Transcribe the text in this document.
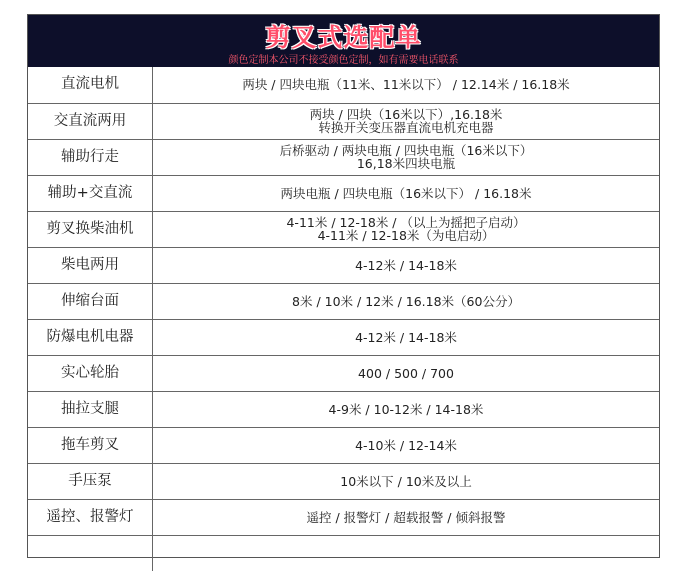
剪叉式选配单
颜色定制本公司不接受颜色定制，如有需要电话联系
直流电机	两块 / 四块电瓶（11米、11米以下） / 12.14米 / 16.18米

交直流两用	两块 / 四块（16米以下）,16.18米
转换开关变压器直流电机充电器

辅助行走	后桥驱动 / 两块电瓶 / 四块电瓶（16米以下）
16,18米四块电瓶

辅助+交直流	两块电瓶 / 四块电瓶（16米以下） / 16.18米

剪叉换柴油机	4-11米 / 12-18米 / （以上为摇把子启动）
4-11米 / 12-18米（为电启动）

柴电两用	4-12米 / 14-18米

伸缩台面	8米 / 10米 / 12米 / 16.18米（60公分）

防爆电机电器	4-12米 / 14-18米

实心轮胎	400 / 500 / 700

抽拉支腿	4-9米 / 10-12米 / 14-18米

拖车剪叉	4-10米 / 12-14米

手压泵	10米以下 / 10米及以上

遥控、报警灯	遥控 / 报警灯 / 超载报警 / 倾斜报警
